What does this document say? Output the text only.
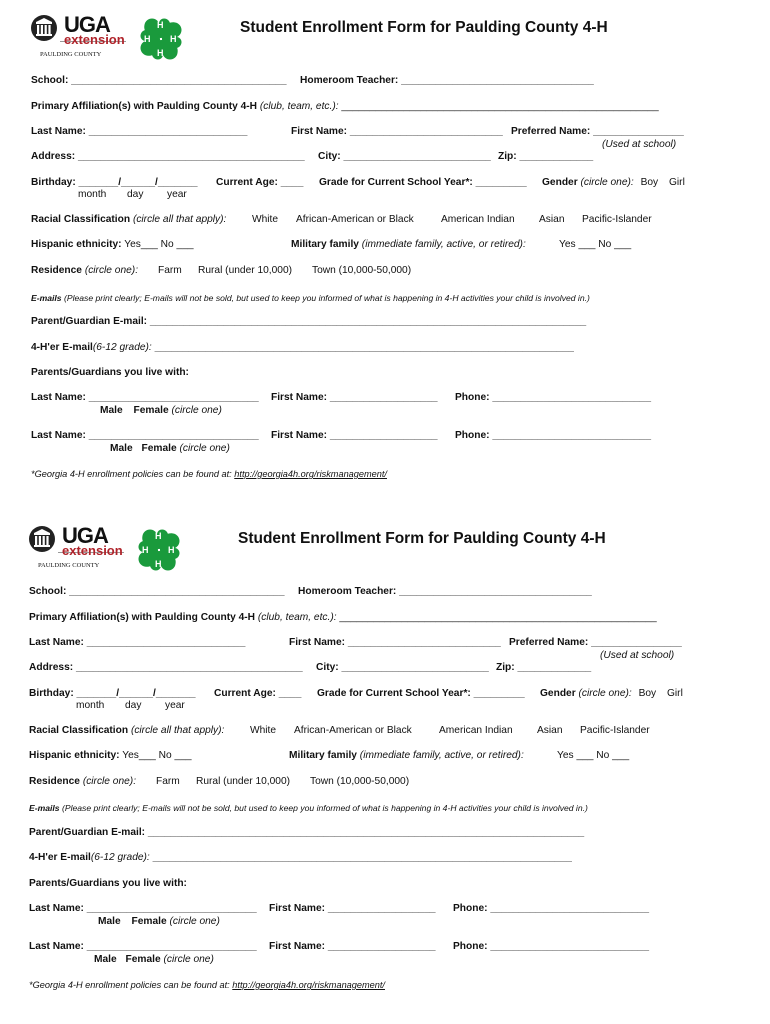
UGA
extension
PAULDING COUNTY
H
H
H
H
Student Enrollment Form for Paulding County 4-H
School: ______________________________________ Homeroom Teacher: __________________________________
Primary Affiliation(s) with Paulding County 4-H (club, team, etc.): ________________________________________________________
Last Name: ____________________________	First Name: ___________________________ Preferred Name: ________________
(Used at school)
Address: ________________________________________ City: __________________________ Zip: _____________
Birthday: _______/______/_______
month day year
Current Age: ____ Grade for Current School Year*: _________ Gender (circle one): Boy Girl
Racial Classification (circle all that apply):	White African-American or Black	American Indian Asian Pacific-Islander
Hispanic ethnicity: Yes___ No ___	Military family (immediate family, active, or retired):	Yes ___ No ___
Residence (circle one): Farm Rural (under 10,000) Town (10,000-50,000)
E-mails (Please print clearly; E-mails will not be sold, but used to keep you informed of what is happening in 4-H activities your child is involved in.)
Parent/Guardian E-mail: _____________________________________________________________________________
4-H'er E-mail(6-12 grade): __________________________________________________________________________
Parents/Guardians you live with:
Last Name: ______________________________ First Name: ___________________ Phone: ____________________________
Male Female (circle one)
Last Name: ______________________________ First Name: ___________________ Phone: ____________________________
Male Female (circle one)
*Georgia 4-H enrollment policies can be found at: http://georgia4h.org/riskmanagement/
UGA
extension
PAULDING COUNTY
H
H
H
H
Student Enrollment Form for Paulding County 4-H
School: ______________________________________ Homeroom Teacher: __________________________________
Primary Affiliation(s) with Paulding County 4-H (club, team, etc.): ________________________________________________________
Last Name: ____________________________	First Name: ___________________________ Preferred Name: ________________
(Used at school)
Address: ________________________________________ City: __________________________ Zip: _____________
Birthday: _______/______/_______
month day year
Current Age: ____ Grade for Current School Year*: _________ Gender (circle one): Boy Girl
Racial Classification (circle all that apply):	White African-American or Black	American Indian Asian Pacific-Islander
Hispanic ethnicity: Yes___ No ___	Military family (immediate family, active, or retired):	Yes ___ No ___
Residence (circle one): Farm Rural (under 10,000) Town (10,000-50,000)
E-mails (Please print clearly; E-mails will not be sold, but used to keep you informed of what is happening in 4-H activities your child is involved in.)
Parent/Guardian E-mail: _____________________________________________________________________________
4-H'er E-mail(6-12 grade): __________________________________________________________________________
Parents/Guardians you live with:
Last Name: ______________________________ First Name: ___________________ Phone: ____________________________
Male Female (circle one)
Last Name: ______________________________ First Name: ___________________ Phone: ____________________________
Male Female (circle one)
*Georgia 4-H enrollment policies can be found at: http://georgia4h.org/riskmanagement/
